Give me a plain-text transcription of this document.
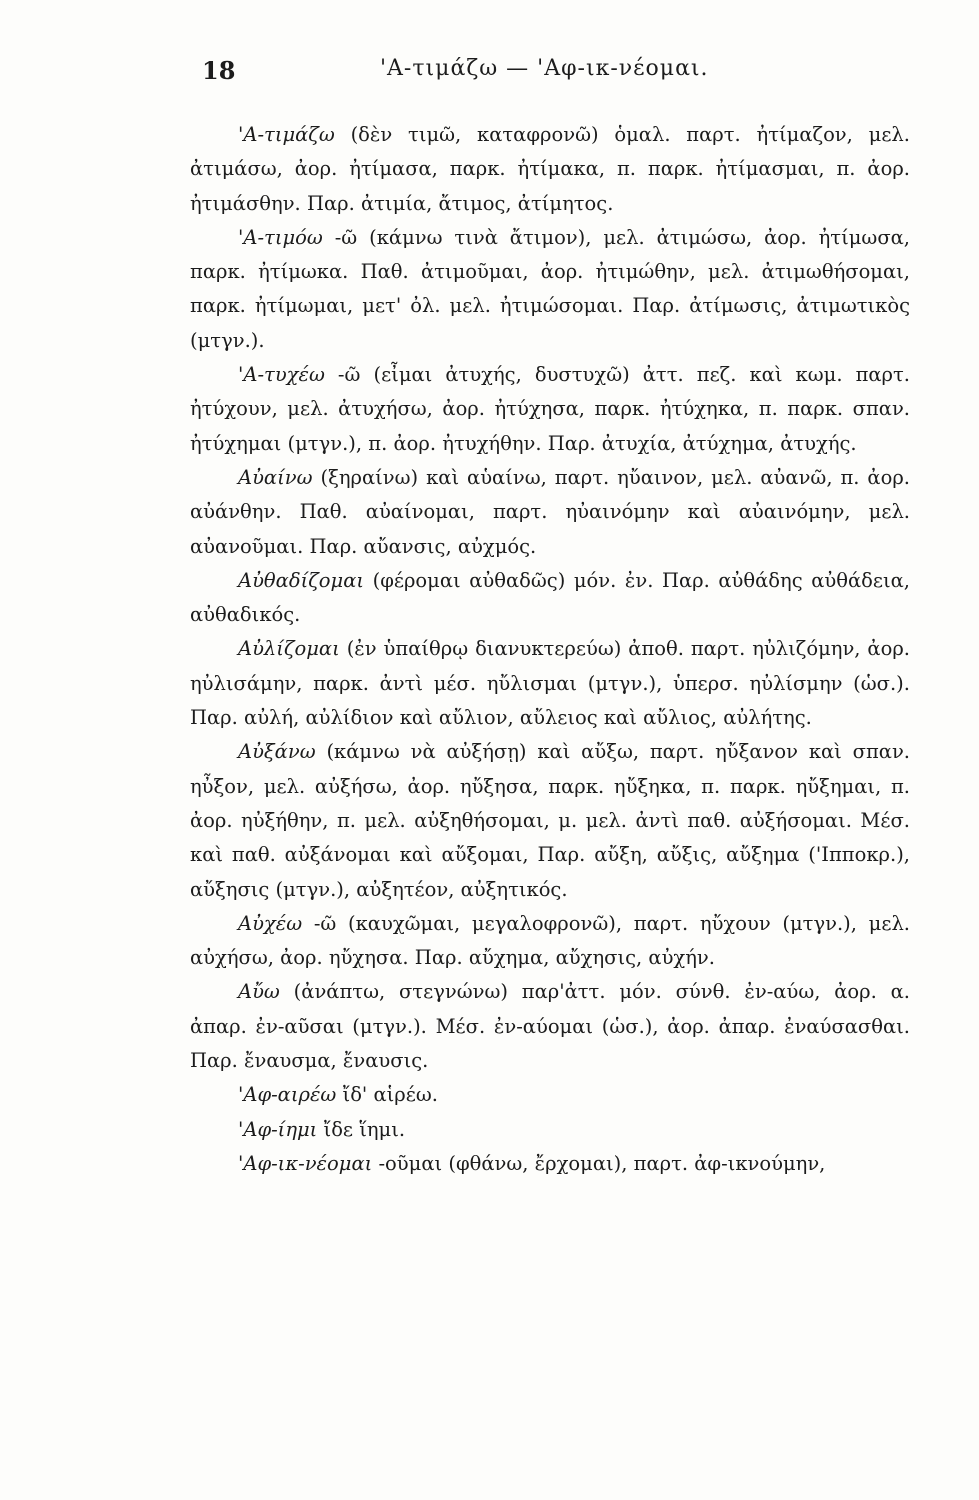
18	'Α-τιμάζω — 'Αφ-ικ-νέομαι.

'Α-τιμάζω (δὲν τιμῶ, καταφρονῶ) ὁμαλ. παρτ. ἠτίμαζον, μελ. ἀτιμάσω, ἀορ. ἠτίμασα, παρκ. ἠτίμακα, π. παρκ. ἠτίμασμαι, π. ἀορ. ἠτιμάσθην. Παρ. ἀτιμία, ἄτιμος, ἀτίμητος.

'Α-τιμόω -ῶ (κάμνω τινὰ ἄτιμον), μελ. ἀτιμώσω, ἀορ. ἠτίμωσα, παρκ. ἠτίμωκα. Παθ. ἀτιμοῦμαι, ἀορ. ἠτιμώθην, μελ. ἀτιμωθήσομαι, παρκ. ἠτίμωμαι, μετ' ὀλ. μελ. ἠτιμώσομαι. Παρ. ἀτίμωσις, ἀτιμωτικὸς (μτγν.).

'Α-τυχέω -ῶ (εἶμαι ἀτυχής, δυστυχῶ) ἀττ. πεζ. καὶ κωμ. παρτ. ἠτύχουν, μελ. ἀτυχήσω, ἀορ. ἠτύχησα, παρκ. ἠτύχηκα, π. παρκ. σπαν. ἠτύχημαι (μτγν.), π. ἀορ. ἠτυχήθην. Παρ. ἀτυχία, ἀτύχημα, ἀτυχής.

Αὐαίνω (ξηραίνω) καὶ αὑαίνω, παρτ. ηὔαινον, μελ. αὐανῶ, π. ἀορ. αὐάνθην. Παθ. αὐαίνομαι, παρτ. ηὐαινόμην καὶ αὐαινόμην, μελ. αὐανοῦμαι. Παρ. αὔανσις, αὐχμός.

Αὐθαδίζομαι (φέρομαι αὐθαδῶς) μόν. ἐν. Παρ. αὐθάδης αὐθάδεια, αὐθαδικός.

Αὐλίζομαι (ἐν ὑπαίθρῳ διανυκτερεύω) ἀποθ. παρτ. ηὐλιζόμην, ἀορ. ηὐλισάμην, παρκ. ἀντὶ μέσ. ηὔλισμαι (μτγν.), ὑπερσ. ηὐλίσμην (ὡσ.). Παρ. αὐλή, αὐλίδιον καὶ αὔλιον, αὔλειος καὶ αὔλιος, αὐλήτης.

Αὐξάνω (κάμνω νὰ αὐξήσῃ) καὶ αὔξω, παρτ. ηὔξανον καὶ σπαν. ηὖξον, μελ. αὐξήσω, ἀορ. ηὔξησα, παρκ. ηὔξηκα, π. παρκ. ηὔξημαι, π. ἀορ. ηὐξήθην, π. μελ. αὐξηθήσομαι, μ. μελ. ἀντὶ παθ. αὐξήσομαι. Μέσ. καὶ παθ. αὐξάνομαι καὶ αὔξομαι, Παρ. αὔξη, αὔξις, αὔξημα ('Ιπποκρ.), αὔξησις (μτγν.), αὐξητέον, αὐξητικός.

Αὐχέω -ῶ (καυχῶμαι, μεγαλοφρονῶ), παρτ. ηὔχουν (μτγν.), μελ. αὐχήσω, ἀορ. ηὔχησα. Παρ. αὔχημα, αὔχησις, αὐχήν.

Αὔω (ἀνάπτω, στεγνώνω) παρ'ἀττ. μόν. σύνθ. ἐν-αύω, ἀορ. α. ἀπαρ. ἐν-αῦσαι (μτγν.). Μέσ. ἐν-αύομαι (ὡσ.), ἀορ. ἀπαρ. ἐναύσασθαι. Παρ. ἔναυσμα, ἔναυσις.

'Αφ-αιρέω ἴδ' αἱρέω.

'Αφ-ίημι ἴδε ἵημι.

'Αφ-ικ-νέομαι -οῦμαι (φθάνω, ἔρχομαι), παρτ. ἀφ-ικνούμην,
